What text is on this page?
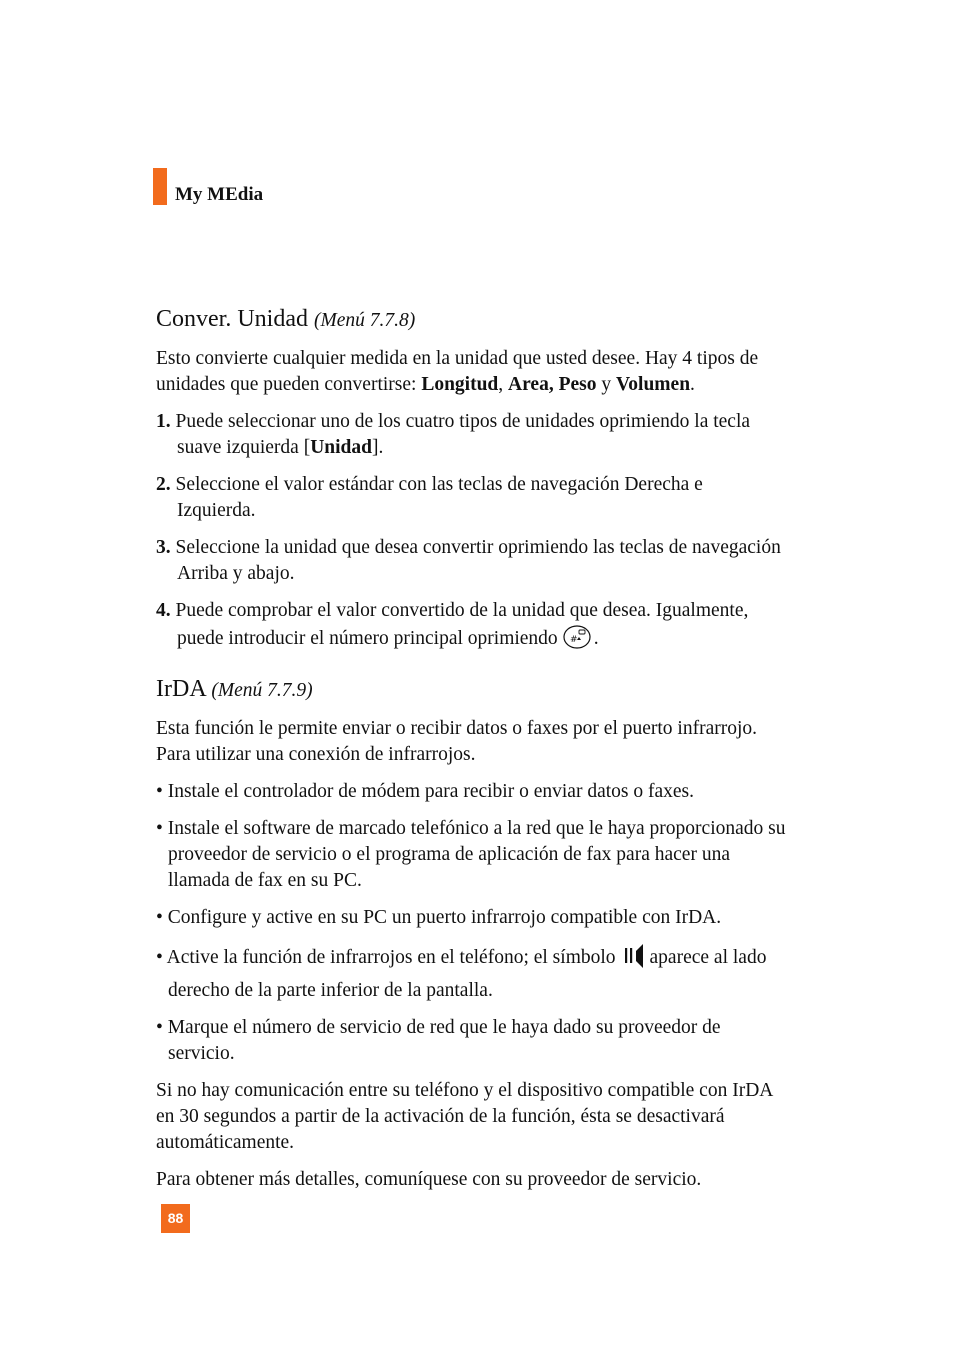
My MEdia
Conver. Unidad (Menú 7.7.8)

Esto convierte cualquier medida en la unidad que usted desee. Hay 4 tipos de unidades que pueden convertirse: Longitud, Area, Peso y Volumen.

1. Puede seleccionar uno de los cuatro tipos de unidades oprimiendo la tecla suave izquierda [Unidad].
2. Seleccione el valor estándar con las teclas de navegación Derecha e Izquierda.
3. Seleccione la unidad que desea convertir oprimiendo las teclas de navegación Arriba y abajo.
4. Puede comprobar el valor convertido de la unidad que desea. Igualmente, puede introducir el número principal oprimiendo # .
IrDA (Menú 7.7.9)

Esta función le permite enviar o recibir datos o faxes por el puerto infrarrojo. Para utilizar una conexión de infrarrojos.

• Instale el controlador de módem para recibir o enviar datos o faxes.
• Instale el software de marcado telefónico a la red que le haya proporcionado su proveedor de servicio o el programa de aplicación de fax para hacer una llamada de fax en su PC.
• Configure y active en su PC un puerto infrarrojo compatible con IrDA.
• Active la función de infrarrojos en el teléfono; el símbolo aparece al lado derecho de la parte inferior de la pantalla.
• Marque el número de servicio de red que le haya dado su proveedor de servicio.

Si no hay comunicación entre su teléfono y el dispositivo compatible con IrDA en 30 segundos a partir de la activación de la función, ésta se desactivará automáticamente.

Para obtener más detalles, comuníquese con su proveedor de servicio.

88
